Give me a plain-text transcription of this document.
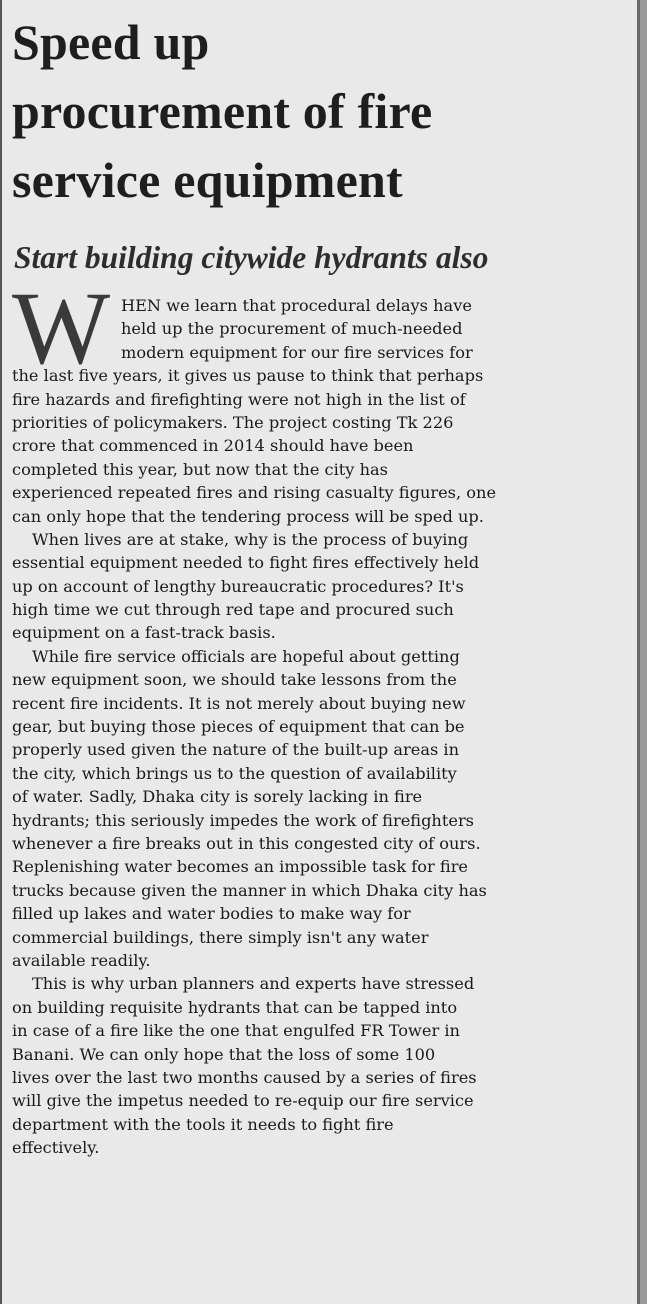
Speed up
procurement of fire
service equipment
Start building citywide hydrants also
W HEN we learn that procedural delays have
held up the procurement of much-needed
modern equipment for our fire services for
the last five years, it gives us pause to think that perhaps
fire hazards and firefighting were not high in the list of
priorities of policymakers. The project costing Tk 226
crore that commenced in 2014 should have been
completed this year, but now that the city has
experienced repeated fires and rising casualty figures, one
can only hope that the tendering process will be sped up.
When lives are at stake, why is the process of buying
essential equipment needed to fight fires effectively held
up on account of lengthy bureaucratic procedures? It's
high time we cut through red tape and procured such
equipment on a fast-track basis.
While fire service officials are hopeful about getting
new equipment soon, we should take lessons from the
recent fire incidents. It is not merely about buying new
gear, but buying those pieces of equipment that can be
properly used given the nature of the built-up areas in
the city, which brings us to the question of availability
of water. Sadly, Dhaka city is sorely lacking in fire
hydrants; this seriously impedes the work of firefighters
whenever a fire breaks out in this congested city of ours.
Replenishing water becomes an impossible task for fire
trucks because given the manner in which Dhaka city has
filled up lakes and water bodies to make way for
commercial buildings, there simply isn't any water
available readily.
This is why urban planners and experts have stressed
on building requisite hydrants that can be tapped into
in case of a fire like the one that engulfed FR Tower in
Banani. We can only hope that the loss of some 100
lives over the last two months caused by a series of fires
will give the impetus needed to re-equip our fire service
department with the tools it needs to fight fire
effectively.
